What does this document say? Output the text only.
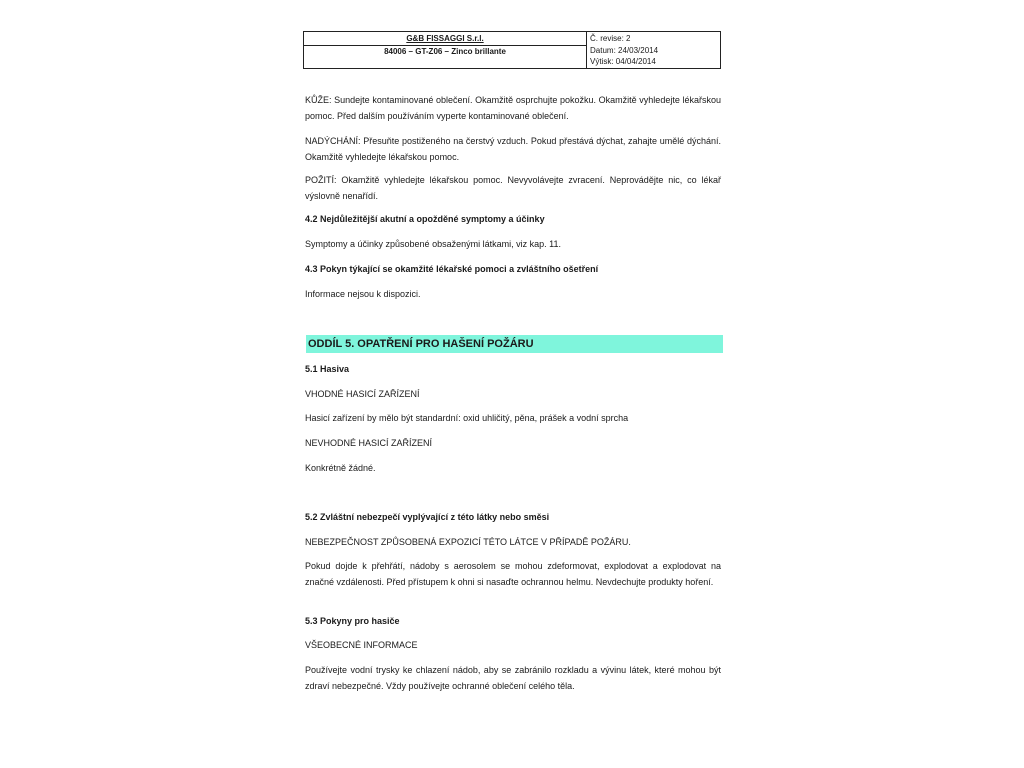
G&B FISSAGGI S.r.l.
84006 – GT-Z06 – Zinco brillante
Č. revise: 2
Datum: 24/03/2014
Výtisk: 04/04/2014

KŮŽE: Sundejte kontaminované oblečení. Okamžitě osprchujte pokožku. Okamžitě vyhledejte lékařskou pomoc. Před dalším používáním vyperte kontaminované oblečení.

NADÝCHÁNÍ: Přesuňte postiženého na čerstvý vzduch. Pokud přestává dýchat, zahajte umělé dýchání. Okamžitě vyhledejte lékařskou pomoc.

POŽITÍ: Okamžitě vyhledejte lékařskou pomoc. Nevyvolávejte zvracení. Neprovádějte nic, co lékař výslovně nenařídí.

4.2 Nejdůležitější akutní a opožděné symptomy a účinky

Symptomy a účinky způsobené obsaženými látkami, viz kap. 11.

4.3 Pokyn týkající se okamžité lékařské pomoci a zvláštního ošetření

Informace nejsou k dispozici.

ODDÍL 5. OPATŘENÍ PRO HAŠENÍ POŽÁRU

5.1 Hasiva

VHODNÉ HASICÍ ZAŘÍZENÍ

Hasicí zařízení by mělo být standardní: oxid uhličitý, pěna, prášek a vodní sprcha

NEVHODNÉ HASICÍ ZAŘÍZENÍ

Konkrétně žádné.

5.2 Zvláštní nebezpečí vyplývající z této látky nebo směsi

NEBEZPEČNOST ZPŮSOBENÁ EXPOZICÍ TÉTO LÁTCE V PŘÍPADĚ POŽÁRU.

Pokud dojde k přehřátí, nádoby s aerosolem se mohou zdeformovat, explodovat a explodovat na značné vzdálenosti. Před přístupem k ohni si nasaďte ochrannou helmu. Nevdechujte produkty hoření.

5.3 Pokyny pro hasiče

VŠEOBECNÉ INFORMACE

Používejte vodní trysky ke chlazení nádob, aby se zabránilo rozkladu a vývinu látek, které mohou být zdraví nebezpečné. Vždy používejte ochranné oblečení celého těla.
